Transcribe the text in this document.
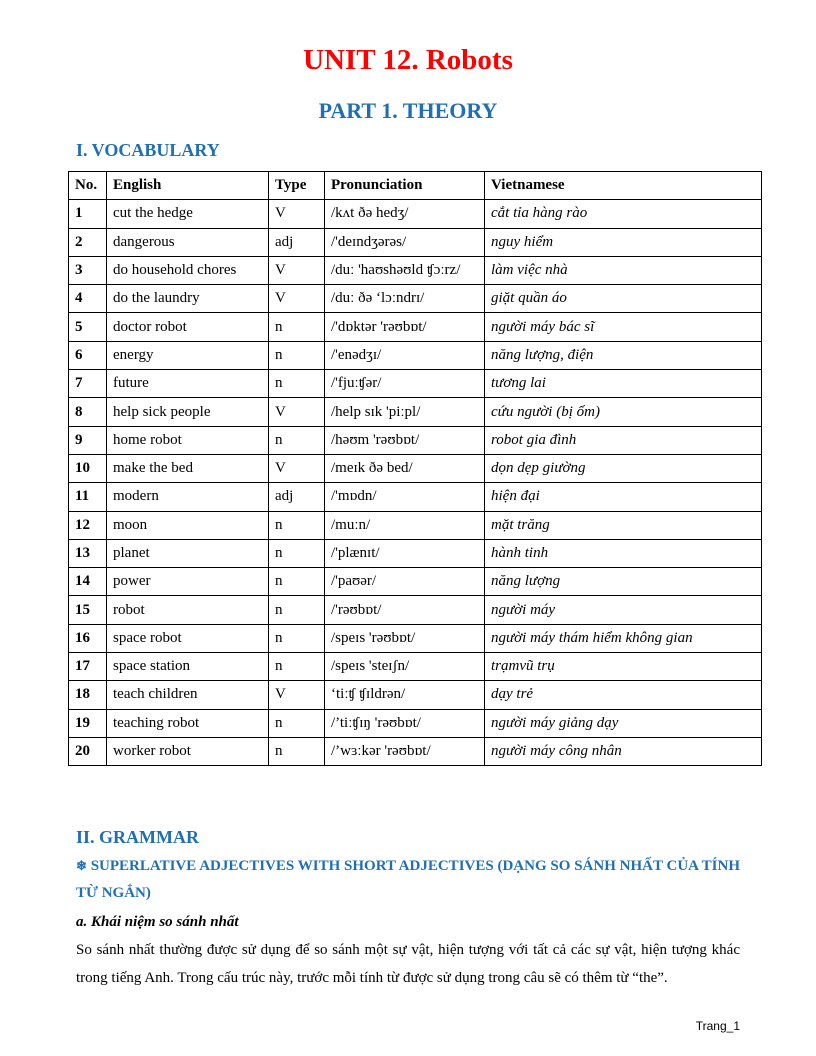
UNIT 12. Robots
PART 1. THEORY
I. VOCABULARY
No.	English	Type	Pronunciation	Vietnamese
1	cut the hedge	V	/kʌt ðə hedʒ/	cắt tỉa hàng rào
2	dangerous	adj	/'deɪndʒərəs/	nguy hiểm
3	do household chores	V	/duː 'haʊshəʊld ʧɔːrz/	làm việc nhà
4	do the laundry	V	/duː ðə ‘lɔːndrɪ/	giặt quần áo
5	doctor robot	n	/'dɒktər 'rəʊbɒt/	người máy bác sĩ
6	energy	n	/'enədʒɪ/	năng lượng, điện
7	future	n	/'fjuːʧər/	tương lai
8	help sick people	V	/help sɪk 'piːpl/	cứu người (bị ốm)
9	home robot	n	/həʊm 'rəʊbɒt/	robot gia đình
10	make the bed	V	/meɪk ðə bed/	dọn dẹp giường
11	modern	adj	/'mɒdn/	hiện đại
12	moon	n	/muːn/	mặt trăng
13	planet	n	/'plænɪt/	hành tinh
14	power	n	/'paʊər/	năng lượng
15	robot	n	/'rəʊbɒt/	người máy
16	space robot	n	/speɪs 'rəʊbɒt/	người máy thám hiểm không gian
17	space station	n	/speɪs 'steɪʃn/	trạmvũ trụ
18	teach children	V	‘tiːʧ ʧɪldrən/	dạy trẻ
19	teaching robot	n	/’tiːʧɪŋ 'rəʊbɒt/	người máy giảng dạy
20	worker robot	n	/’wɜːkər 'rəʊbɒt/	người máy công nhân
II. GRAMMAR
❄ SUPERLATIVE ADJECTIVES WITH SHORT ADJECTIVES (DẠNG SO SÁNH NHẤT CỦA TÍNH TỪ NGẮN)
a. Khái niệm so sánh nhất
So sánh nhất thường được sử dụng để so sánh một sự vật, hiện tượng với tất cả các sự vật, hiện tượng khác trong tiếng Anh. Trong cấu trúc này, trước mỗi tính từ được sử dụng trong câu sẽ có thêm từ “the”.
Trang_1
